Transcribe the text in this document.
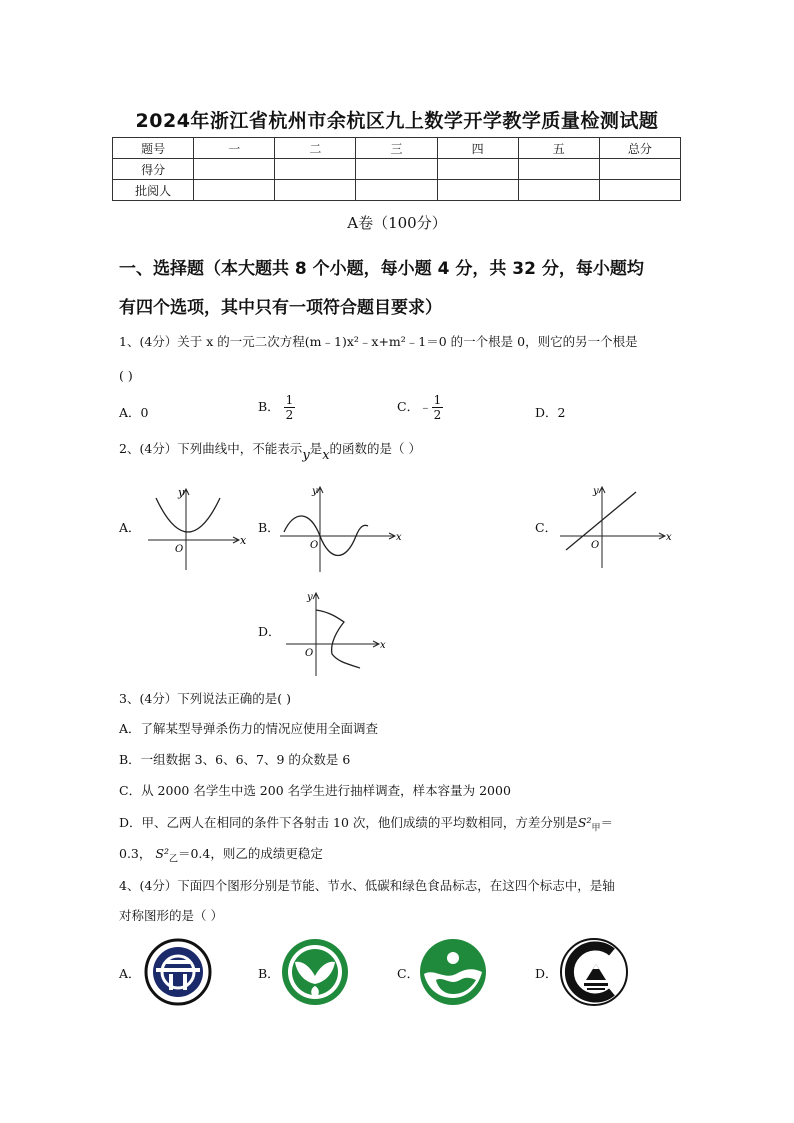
2024年浙江省杭州市余杭区九上数学开学教学质量检测试题
题号	一	二	三	四	五	总分
得分						
批阅人						
A卷（100分）
一、选择题（本大题共 8 个小题，每小题 4 分，共 32 分，每小题均
有四个选项，其中只有一项符合题目要求）
1、(4分）关于 x 的一元二次方程(m﹣1)x²﹣x+m²﹣1＝0 的一个根是 0，则它的另一个根是
( )
A．0	B． $\frac{1}{2}$	C．﹣ $\frac{1}{2}$	D．2
2、(4分）下列曲线中，不能表示y是x的函数的是（ ）
A．
x
y
O
B．
x
y
O
C．
x
y
O
D．
x
y
O
3、(4分）下列说法正确的是( )
A．了解某型导弹杀伤力的情况应使用全面调查
B．一组数据 3、6、6、7、9 的众数是 6
C．从 2000 名学生中选 200 名学生进行抽样调查，样本容量为 2000
D．甲、乙两人在相同的条件下各射击 10 次，他们成绩的平均数相同，方差分别是$S^2_甲=$
0.3， $S^2_乙=0.4$，则乙的成绩更稳定
4、(4分）下面四个图形分别是节能、节水、低碳和绿色食品标志，在这四个标志中，是轴
对称图形的是（ ）
A．	B．	C．	D．
